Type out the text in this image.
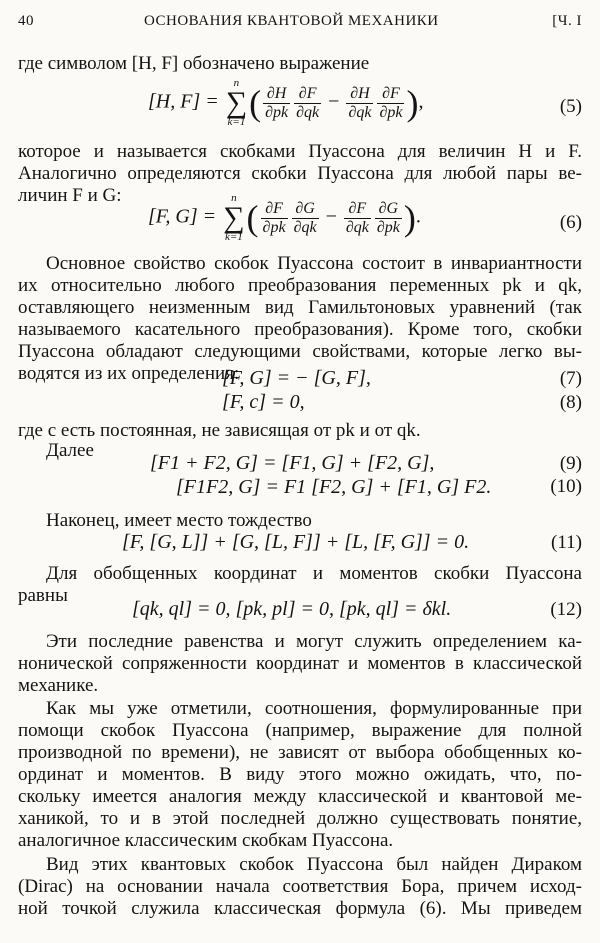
40	ОСНОВАНИЯ КВАНТОВОЙ МЕХАНИКИ	[Ч. I
где символом [H, F] обозначено выражение
[H, F] =
n
∑
k=1 ( $\frac{\partial H}{\partial pk} \frac{\partial F}{\partial qk} - \frac{\partial H}{\partial qk} \frac{\partial F}{\partial pk}$ ),	(5)
которое и называется скобками Пуассона для величин H и F.
Аналогично определяются скобки Пуассона для любой пары ве-
личин F и G:
[F, G] =
n
∑
k=1 ( $\frac{\partial F}{\partial pk} \frac{\partial G}{\partial qk} - \frac{\partial F}{\partial qk} \frac{\partial G}{\partial pk}$ ).	(6)
Основное свойство скобок Пуассона состоит в инвариантности
их относительно любого преобразования переменных pk и qk,
оставляющего неизменным вид Гамильтоновых уравнений (так
называемого касательного преобразования). Кроме того, скобки
Пуассона обладают следующими свойствами, которые легко вы-
водятся из их определения:
[F, G] = − [G, F],	(7)
[F, c] = 0,	(8)
где c есть постоянная, не зависящая от pk и от qk.
Далее
[F1 + F2, G] = [F1, G] + [F2, G],	(9)
[F1F2, G] = F1 [F2, G] + [F1, G] F2.	(10)
Наконец, имеет место тождество
[F, [G, L]] + [G, [L, F]] + [L, [F, G]] = 0.	(11)
Для обобщенных координат и моментов скобки Пуассона
равны
[qk, ql] = 0, [pk, pl] = 0, [pk, ql] = δkl.	(12)
Эти последние равенства и могут служить определением ка-
нонической сопряженности координат и моментов в классической
механике.
Как мы уже отметили, соотношения, формулированные при
помощи скобок Пуассона (например, выражение для полной
производной по времени), не зависят от выбора обобщенных ко-
ординат и моментов. В виду этого можно ожидать, что, по-
скольку имеется аналогия между классической и квантовой ме-
ханикой, то и в этой последней должно существовать понятие,
аналогичное классическим скобкам Пуассона.
Вид этих квантовых скобок Пуассона был найден Дираком
(Dirac) на основании начала соответствия Бора, причем исход-
ной точкой служила классическая формула (6). Мы приведем
